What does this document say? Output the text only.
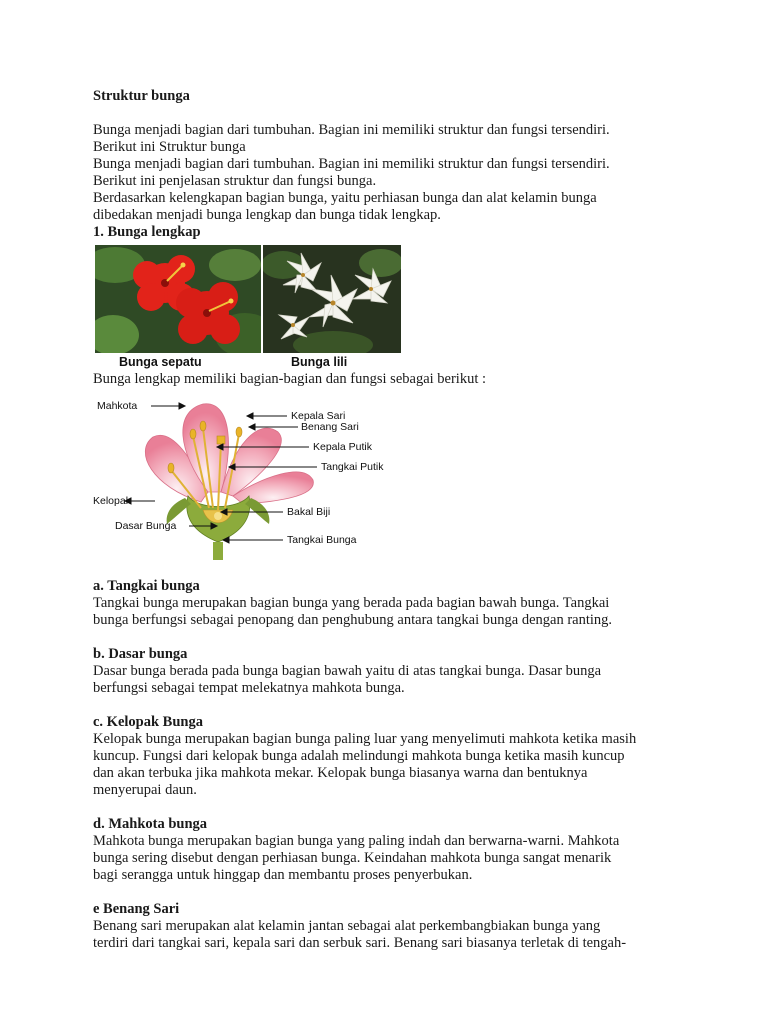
Struktur bunga

Bunga menjadi bagian dari tumbuhan. Bagian ini memiliki struktur dan fungsi tersendiri.

Berikut ini Struktur bunga

Bunga menjadi bagian dari tumbuhan. Bagian ini memiliki struktur dan fungsi tersendiri.

Berikut ini penjelasan struktur dan fungsi bunga.

Berdasarkan kelengkapan bagian bunga, yaitu perhiasan bunga dan alat kelamin bunga

dibedakan menjadi bunga lengkap dan bunga tidak lengkap.

1. Bunga lengkap

Bunga sepatu	Bunga lili

Bunga lengkap memiliki bagian-bagian dan fungsi sebagai berikut :

Mahkota
Kepala Sari
Benang Sari
Kepala Putik
Tangkai Putik
Kelopak
Bakal Biji
Dasar Bunga
Tangkai Bunga

a. Tangkai bunga

Tangkai bunga merupakan bagian bunga yang berada pada bagian bawah bunga. Tangkai

bunga berfungsi sebagai penopang dan penghubung antara tangkai bunga dengan ranting.

b. Dasar bunga

Dasar bunga berada pada bunga bagian bawah yaitu di atas tangkai bunga. Dasar bunga

berfungsi sebagai tempat melekatnya mahkota bunga.

c. Kelopak Bunga

Kelopak bunga merupakan bagian bunga paling luar yang menyelimuti mahkota ketika masih

kuncup. Fungsi dari kelopak bunga adalah melindungi mahkota bunga ketika masih kuncup

dan akan terbuka jika mahkota mekar. Kelopak bunga biasanya warna dan bentuknya

menyerupai daun.

d. Mahkota bunga

Mahkota bunga merupakan bagian bunga yang paling indah dan berwarna-warni. Mahkota

bunga sering disebut dengan perhiasan bunga. Keindahan mahkota bunga sangat menarik

bagi serangga untuk hinggap dan membantu proses penyerbukan.

e Benang Sari

Benang sari merupakan alat kelamin jantan sebagai alat perkembangbiakan bunga yang

terdiri dari tangkai sari, kepala sari dan serbuk sari. Benang sari biasanya terletak di tengah-
